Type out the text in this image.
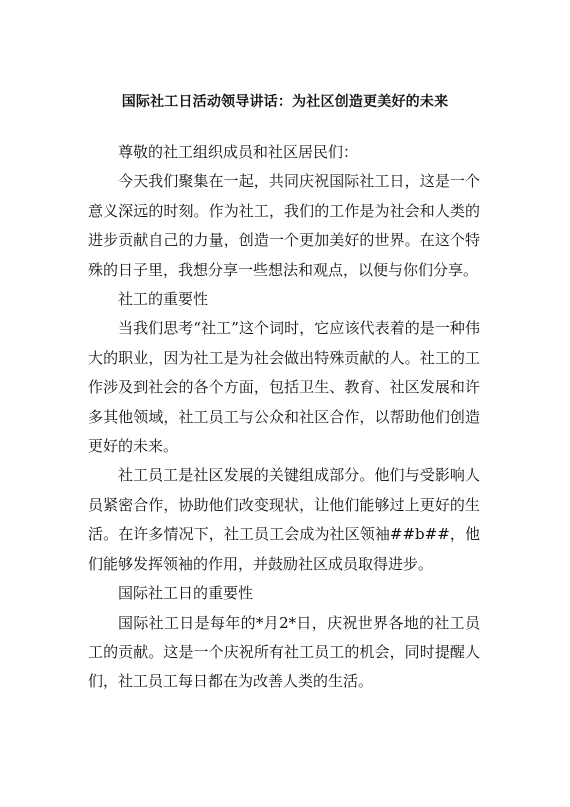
国际社工日活动领导讲话：为社区创造更美好的未来

尊敬的社工组织成员和社区居民们：

今天我们聚集在一起，共同庆祝国际社工日，这是一个意义深远的时刻。作为社工，我们的工作是为社会和人类的进步贡献自己的力量，创造一个更加美好的世界。在这个特殊的日子里，我想分享一些想法和观点，以便与你们分享。

社工的重要性

当我们思考“社工”这个词时，它应该代表着的是一种伟大的职业，因为社工是为社会做出特殊贡献的人。社工的工作涉及到社会的各个方面，包括卫生、教育、社区发展和许多其他领域，社工员工与公众和社区合作，以帮助他们创造更好的未来。

社工员工是社区发展的关键组成部分。他们与受影响人员紧密合作，协助他们改变现状，让他们能够过上更好的生活。在许多情况下，社工员工会成为社区领袖##b##，他们能够发挥领袖的作用，并鼓励社区成员取得进步。

国际社工日的重要性

国际社工日是每年的*月2*日，庆祝世界各地的社工员工的贡献。这是一个庆祝所有社工员工的机会，同时提醒人们，社工员工每日都在为改善人类的生活。
